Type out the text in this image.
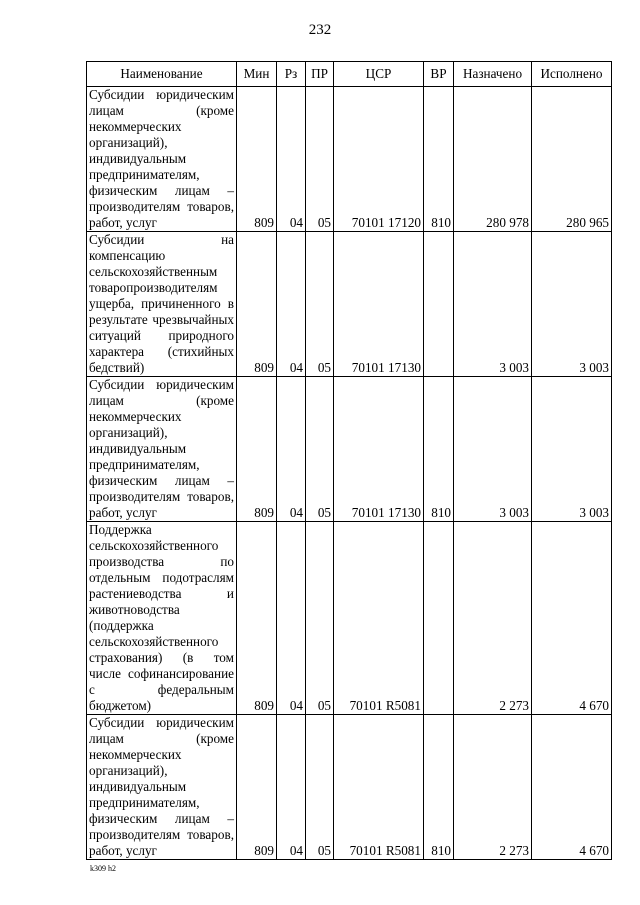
232
Наименование	Мин	Рз	ПР	ЦСР	ВР	Назначено	Исполнено
Субсидии юридическим лицам (кроме некоммерческих организаций), индивидуальным предпринимателям, физическим лицам – производителям товаров, работ, услуг	809	04	05	70101 17120	810	280 978	280 965
Субсидии на компенсацию сельскохозяйственным товаропроизводителям ущерба, причиненного в результате чрезвычайных ситуаций природного характера (стихийных бедствий)	809	04	05	70101 17130		3 003	3 003
Субсидии юридическим лицам (кроме некоммерческих организаций), индивидуальным предпринимателям, физическим лицам – производителям товаров, работ, услуг	809	04	05	70101 17130	810	3 003	3 003
Поддержка сельскохозяйственного производства по отдельным подотраслям растениеводства и животноводства (поддержка сельскохозяйственного страхования) (в том числе софинансирование с федеральным бюджетом)	809	04	05	70101 R5081		2 273	4 670
Субсидии юридическим лицам (кроме некоммерческих организаций), индивидуальным предпринимателям, физическим лицам – производителям товаров, работ, услуг	809	04	05	70101 R5081	810	2 273	4 670
k309 h2
